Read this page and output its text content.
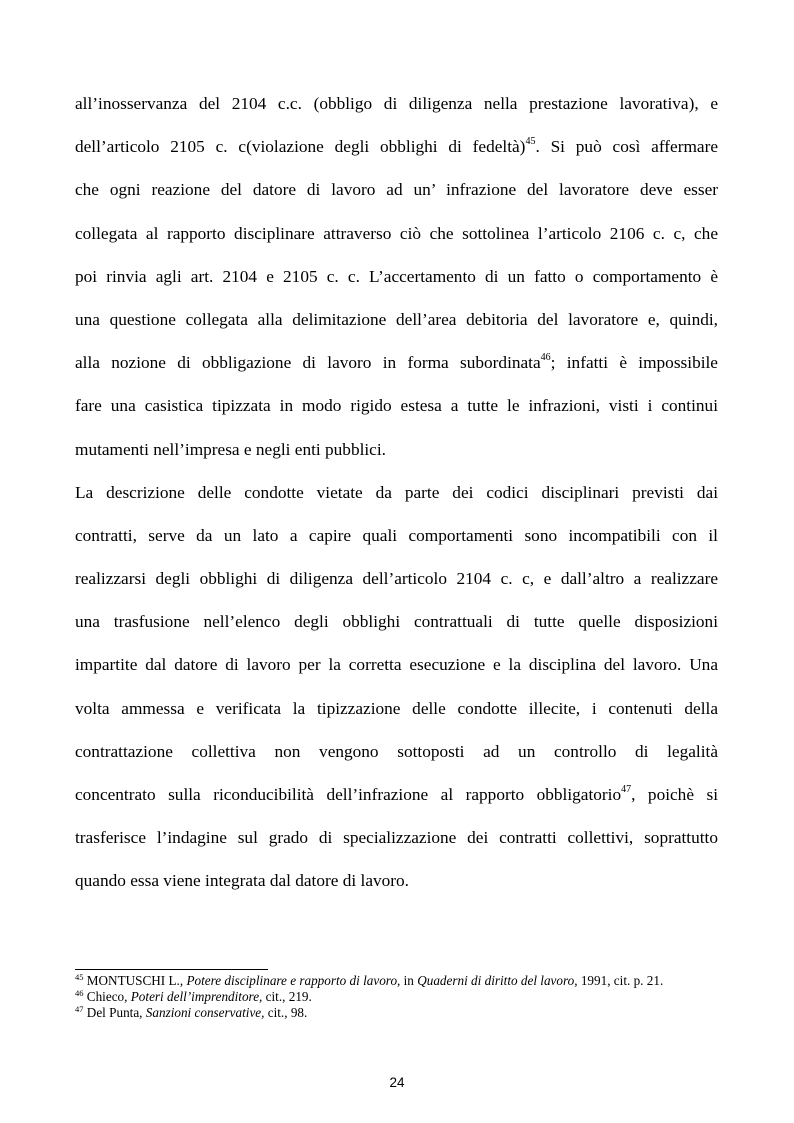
all’inosservanza del 2104 c.c. (obbligo di diligenza nella prestazione lavorativa), e
dell’articolo 2105 c. c(violazione degli obblighi di fedeltà)$^{45}$. Si può così affermare
che ogni reazione del datore di lavoro ad un’ infrazione del lavoratore deve esser
collegata al rapporto disciplinare attraverso ciò che sottolinea l’articolo 2106 c. c, che
poi rinvia agli art. 2104 e 2105 c. c. L’accertamento di un fatto o comportamento è
una questione collegata alla delimitazione dell’area debitoria del lavoratore e, quindi,
alla nozione di obbligazione di lavoro in forma subordinata$^{46}$; infatti è impossibile
fare una casistica tipizzata in modo rigido estesa a tutte le infrazioni, visti i continui
mutamenti nell’impresa e negli enti pubblici.
La descrizione delle condotte vietate da parte dei codici disciplinari previsti dai
contratti, serve da un lato a capire quali comportamenti sono incompatibili con il
realizzarsi degli obblighi di diligenza dell’articolo 2104 c. c, e dall’altro a realizzare
una trasfusione nell’elenco degli obblighi contrattuali di tutte quelle disposizioni
impartite dal datore di lavoro per la corretta esecuzione e la disciplina del lavoro. Una
volta ammessa e verificata la tipizzazione delle condotte illecite, i contenuti della
contrattazione collettiva non vengono sottoposti ad un controllo di legalità
concentrato sulla riconducibilità dell’infrazione al rapporto obbligatorio$^{47}$, poichè si
trasferisce l’indagine sul grado di specializzazione dei contratti collettivi, soprattutto
quando essa viene integrata dal datore di lavoro.
$^{45}$ MONTUSCHI L., Potere disciplinare e rapporto di lavoro, in Quaderni di diritto del lavoro, 1991, cit. p. 21.
$^{46}$ Chieco, Poteri dell’imprenditore, cit., 219.
$^{47}$ Del Punta, Sanzioni conservative, cit., 98.
24
